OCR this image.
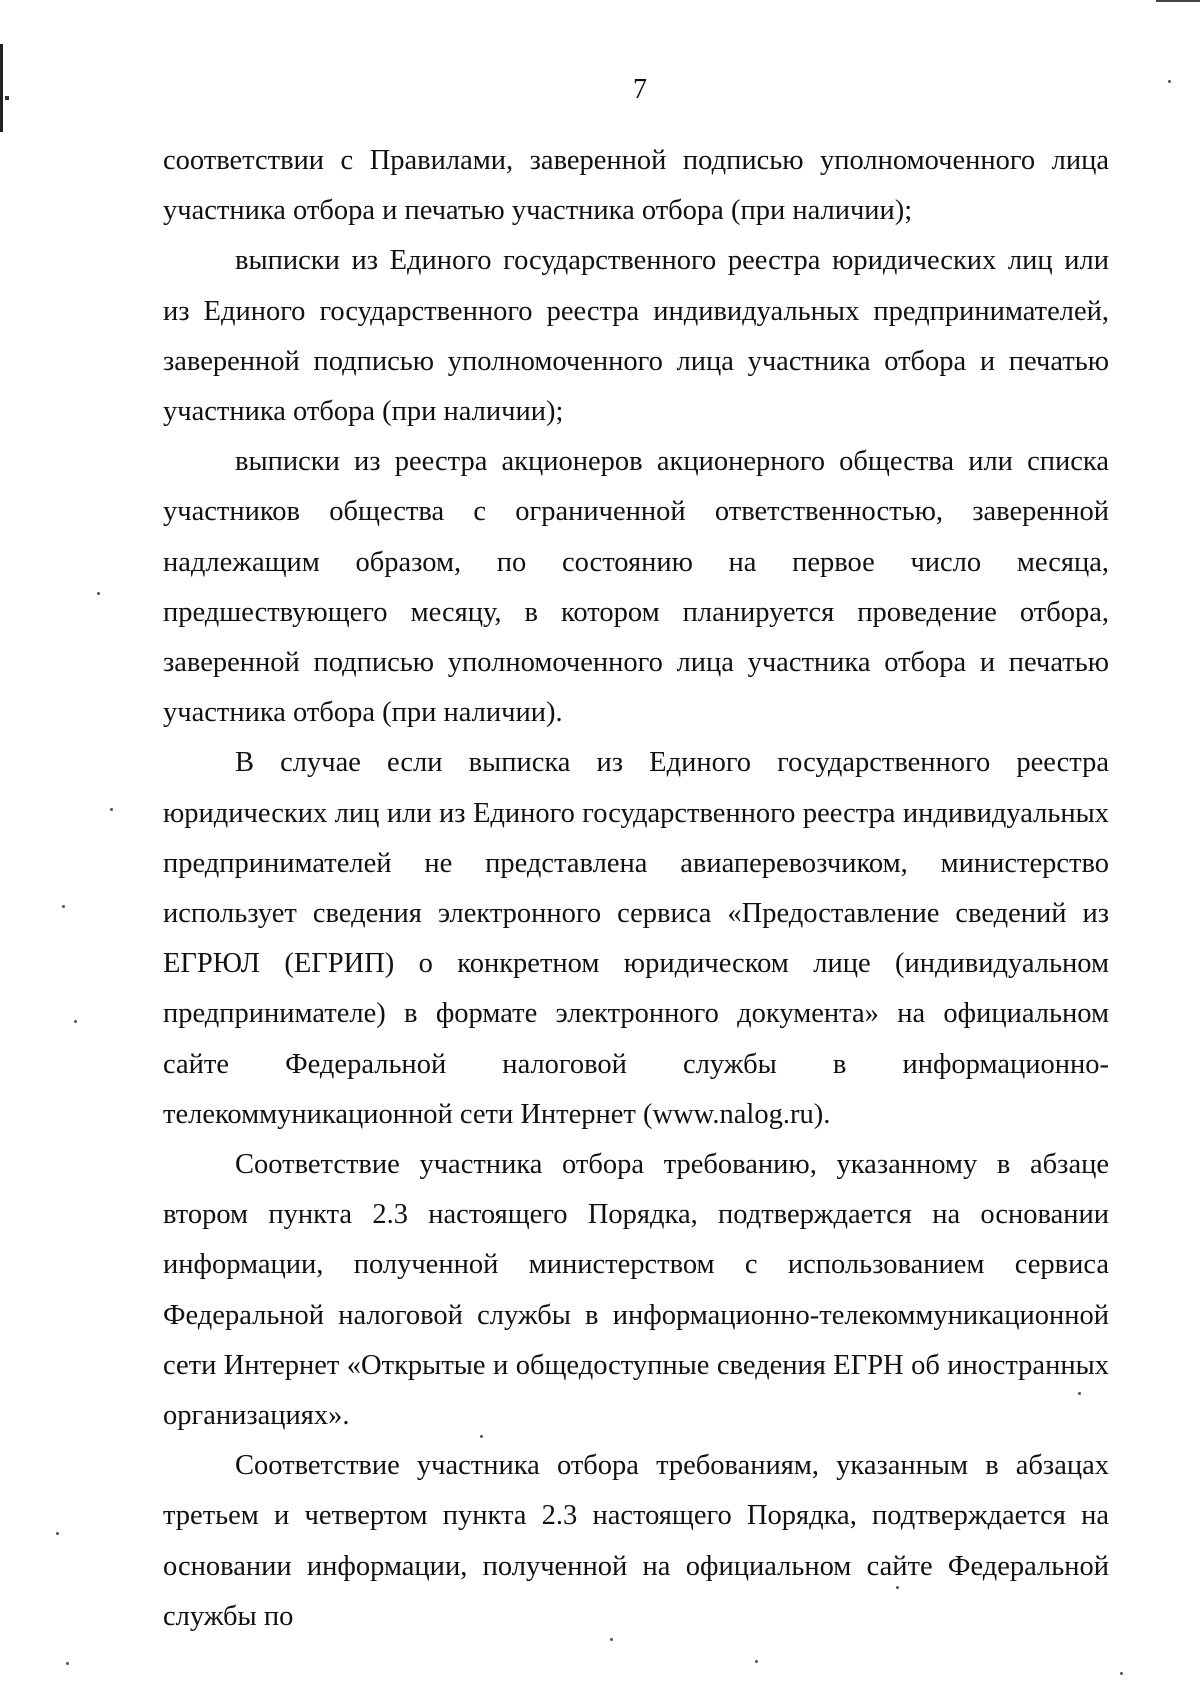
7

соответствии с Правилами, заверенной подписью уполномоченного лица участника отбора и печатью участника отбора (при наличии);

выписки из Единого государственного реестра юридических лиц или из Единого государственного реестра индивидуальных предпринимателей, заверенной подписью уполномоченного лица участника отбора и печатью участника отбора (при наличии);

выписки из реестра акционеров акционерного общества или списка участников общества с ограниченной ответственностью, заверенной надлежащим образом, по состоянию на первое число месяца, предшествующего месяцу, в котором планируется проведение отбора, заверенной подписью уполномоченного лица участника отбора и печатью участника отбора (при наличии).

В случае если выписка из Единого государственного реестра юридических лиц или из Единого государственного реестра индивидуальных предпринимателей не представлена авиаперевозчиком, министерство использует сведения электронного сервиса «Предоставление сведений из ЕГРЮЛ (ЕГРИП) о конкретном юридическом лице (индивидуальном предпринимателе) в формате электронного документа» на официальном сайте Федеральной налоговой службы в информационно-телекоммуникационной сети Интернет (www.nalog.ru).

Соответствие участника отбора требованию, указанному в абзаце втором пункта 2.3 настоящего Порядка, подтверждается на основании информации, полученной министерством с использованием сервиса Федеральной налоговой службы в информационно-телекоммуникационной сети Интернет «Открытые и общедоступные сведения ЕГРН об иностранных организациях».

Соответствие участника отбора требованиям, указанным в абзацах третьем и четвертом пункта 2.3 настоящего Порядка, подтверждается на основании информации, полученной на официальном сайте Федеральной службы по
